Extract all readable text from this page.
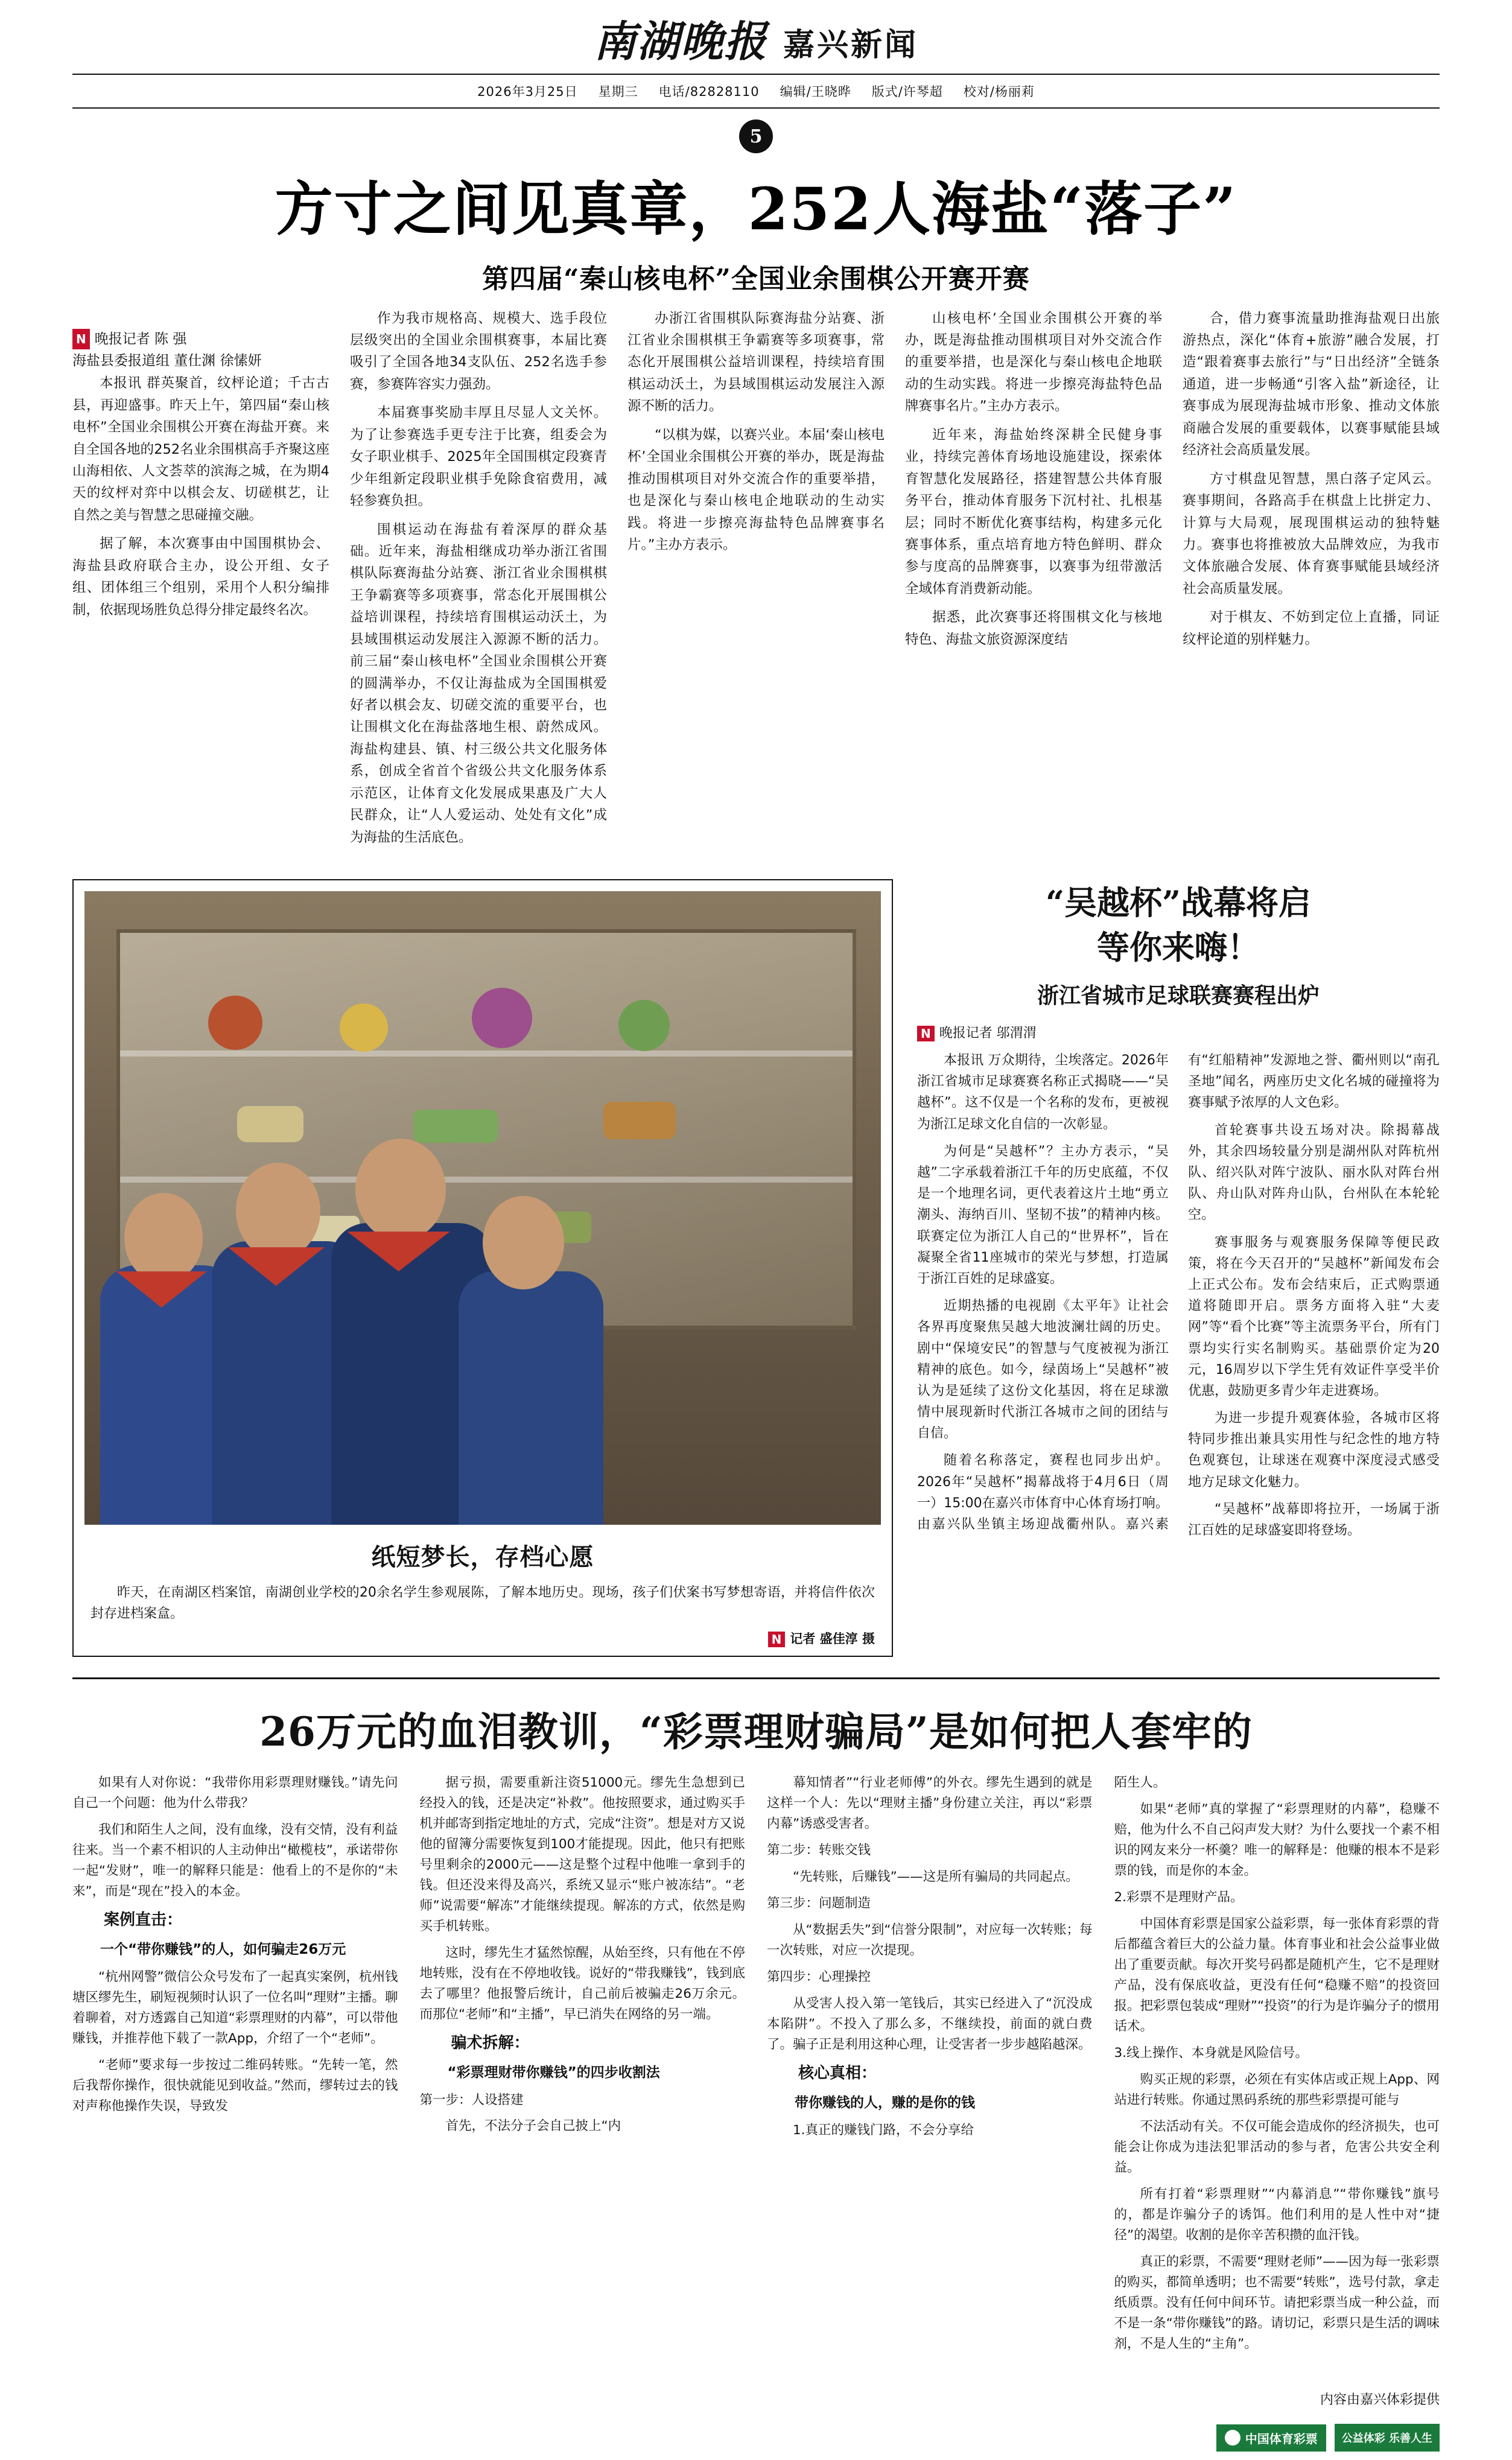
南湖晚报 嘉兴新闻
2026年3月25日 星期三 电话/82828110 编辑/王晓晔 版式/许琴超 校对/杨丽莉
5
方寸之间见真章，252人海盐“落子”
第四届“秦山核电杯”全国业余围棋公开赛开赛
N 晚报记者 陈 强
海盐县委报道组 董仕渊 徐愫妍

本报讯 群英聚首，纹枰论道；千古古县，再迎盛事。昨天上午，第四届“秦山核电杯”全国业余围棋公开赛在海盐开赛。来自全国各地的252名业余围棋高手齐聚这座山海相依、人文荟萃的滨海之城，在为期4天的纹枰对弈中以棋会友、切磋棋艺，让自然之美与智慧之思碰撞交融。

据了解，本次赛事由中国围棋协会、海盐县政府联合主办，设公开组、女子组、团体组三个组别，采用个人积分编排制，依据现场胜负总得分排定最终名次。

作为我市规格高、规模大、选手段位层级突出的全国业余围棋赛事，本届比赛吸引了全国各地34支队伍、252名选手参赛，参赛阵容实力强劲。

本届赛事奖励丰厚且尽显人文关怀。为了让参赛选手更专注于比赛，组委会为女子职业棋手、2025年全国围棋定段赛青少年组新定段职业棋手免除食宿费用，减轻参赛负担。

围棋运动在海盐有着深厚的群众基础。近年来，海盐相继成功举办浙江省围棋队际赛海盐分站赛、浙江省业余围棋棋王争霸赛等多项赛事，常态化开展围棋公益培训课程，持续培育围棋运动沃土，为县域围棋运动发展注入源源不断的活力。前三届“秦山核电杯”全国业余围棋公开赛的圆满举办，不仅让海盐成为全国围棋爱好者以棋会友、切磋交流的重要平台，也让围棋文化在海盐落地生根、蔚然成风。海盐构建县、镇、村三级公共文化服务体系，创成全省首个省级公共文化服务体系示范区，让体育文化发展成果惠及广大人民群众，让“人人爱运动、处处有文化”成为海盐的生活底色。

办浙江省围棋队际赛海盐分站赛、浙江省业余围棋棋王争霸赛等多项赛事，常态化开展围棋公益培训课程，持续培育围棋运动沃土，为县域围棋运动发展注入源源不断的活力。

“以棋为媒，以赛兴业。本届‘秦山核电杯’全国业余围棋公开赛的举办，既是海盐推动围棋项目对外交流合作的重要举措，也是深化与秦山核电企地联动的生动实践。将进一步擦亮海盐特色品牌赛事名片。”主办方表示。

山核电杯’全国业余围棋公开赛的举办，既是海盐推动围棋项目对外交流合作的重要举措，也是深化与秦山核电企地联动的生动实践。将进一步擦亮海盐特色品牌赛事名片。”主办方表示。

近年来，海盐始终深耕全民健身事业，持续完善体育场地设施建设，探索体育智慧化发展路径，搭建智慧公共体育服务平台，推动体育服务下沉村社、扎根基层；同时不断优化赛事结构，构建多元化赛事体系，重点培育地方特色鲜明、群众参与度高的品牌赛事，以赛事为纽带激活全域体育消费新动能。

据悉，此次赛事还将围棋文化与核地特色、海盐文旅资源深度结

合，借力赛事流量助推海盐观日出旅游热点，深化“体育+旅游”融合发展，打造“跟着赛事去旅行”与“日出经济”全链条通道，进一步畅通“引客入盐”新途径，让赛事成为展现海盐城市形象、推动文体旅商融合发展的重要载体，以赛事赋能县域经济社会高质量发展。

方寸棋盘见智慧，黑白落子定风云。赛事期间，各路高手在棋盘上比拼定力、计算与大局观，展现围棋运动的独特魅力。赛事也将推被放大品牌效应，为我市文体旅融合发展、体育赛事赋能县域经济社会高质量发展。

对于棋友、不妨到定位上直播，同证纹枰论道的别样魅力。

纸短梦长，存档心愿
昨天，在南湖区档案馆，南湖创业学校的20余名学生参观展陈，了解本地历史。现场，孩子们伏案书写梦想寄语，并将信件依次封存进档案盒。
N 记者 盛佳淳 摄
“吴越杯”战幕将启
等你来嗨！
浙江省城市足球联赛赛程出炉
N 晚报记者 邬渭渭

本报讯 万众期待，尘埃落定。2026年浙江省城市足球赛赛名称正式揭晓——“吴越杯”。这不仅是一个名称的发布，更被视为浙江足球文化自信的一次彰显。

为何是“吴越杯”？主办方表示，“吴越”二字承载着浙江千年的历史底蕴，不仅是一个地理名词，更代表着这片土地“勇立潮头、海纳百川、坚韧不拔”的精神内核。联赛定位为浙江人自己的“世界杯”，旨在凝聚全省11座城市的荣光与梦想，打造属于浙江百姓的足球盛宴。

近期热播的电视剧《太平年》让社会各界再度聚焦吴越大地波澜壮阔的历史。剧中“保境安民”的智慧与气度被视为浙江精神的底色。如今，绿茵场上“吴越杯”被认为是延续了这份文化基因，将在足球激情中展现新时代浙江各城市之间的团结与自信。

随着名称落定，赛程也同步出炉。2026年“吴越杯”揭幕战将于4月6日（周一）15:00在嘉兴市体育中心体育场打响。由嘉兴队坐镇主场迎战衢州队。嘉兴素有“红船精神”发源地之誉、衢州则以“南孔圣地”闻名，两座历史文化名城的碰撞将为赛事赋予浓厚的人文色彩。

首轮赛事共设五场对决。除揭幕战外，其余四场较量分别是湖州队对阵杭州队、绍兴队对阵宁波队、丽水队对阵台州队、舟山队对阵舟山队，台州队在本轮轮空。

赛事服务与观赛服务保障等便民政策，将在今天召开的“吴越杯”新闻发布会上正式公布。发布会结束后，正式购票通道将随即开启。票务方面将入驻“大麦网”等“看个比赛”等主流票务平台，所有门票均实行实名制购买。基础票价定为20元，16周岁以下学生凭有效证件享受半价优惠，鼓励更多青少年走进赛场。

为进一步提升观赛体验，各城市区将特同步推出兼具实用性与纪念性的地方特色观赛包，让球迷在观赛中深度浸式感受地方足球文化魅力。

“吴越杯”战幕即将拉开，一场属于浙江百姓的足球盛宴即将登场。

26万元的血泪教训，“彩票理财骗局”是如何把人套牢的

如果有人对你说：“我带你用彩票理财赚钱。”请先问自己一个问题：他为什么带我？

我们和陌生人之间，没有血缘，没有交情，没有利益往来。当一个素不相识的人主动伸出“橄榄枝”，承诺带你一起“发财”，唯一的解释只能是：他看上的不是你的“未来”，而是“现在”投入的本金。

案例直击：

一个“带你赚钱”的人，如何骗走26万元

“杭州网警”微信公众号发布了一起真实案例，杭州钱塘区缪先生，刷短视频时认识了一位名叫“理财”主播。聊着聊着，对方透露自己知道“彩票理财的内幕”，可以带他赚钱，并推荐他下载了一款App，介绍了一个“老师”。

“老师”要求每一步按过二维码转账。“先转一笔，然后我帮你操作，很快就能见到收益。”然而，缪转过去的钱对声称他操作失误，导致发

据亏损，需要重新注资51000元。缪先生急想到已经投入的钱，还是决定“补救”。他按照要求，通过购买手机并邮寄到指定地址的方式，完成“注资”。想是对方又说他的留簿分需要恢复到100才能提现。因此，他只有把账号里剩余的2000元——这是整个过程中他唯一拿到手的钱。但还没来得及高兴，系统又显示“账户被冻结”。“老师”说需要“解冻”才能继续提现。解冻的方式，依然是购买手机转账。

这时，缪先生才猛然惊醒，从始至终，只有他在不停地转账，没有在不停地收钱。说好的“带我赚钱”，钱到底去了哪里？他报警后统计，自己前后被骗走26万余元。而那位“老师”和“主播”，早已消失在网络的另一端。

骗术拆解：

“彩票理财带你赚钱”的四步收割法

第一步：人设搭建

首先，不法分子会自己披上“内

幕知情者”“行业老师傅”的外衣。缪先生遇到的就是这样一个人：先以“理财主播”身份建立关注，再以“彩票内幕”诱惑受害者。

第二步：转账交钱

“先转账，后赚钱”——这是所有骗局的共同起点。

第三步：问题制造

从“数据丢失”到“信誉分限制”，对应每一次转账；每一次转账，对应一次提现。

第四步：心理操控

从受害人投入第一笔钱后，其实已经进入了“沉没成本陷阱”。不投入了那么多，不继续投，前面的就白费了。骗子正是利用这种心理，让受害者一步步越陷越深。

核心真相：

带你赚钱的人，赚的是你的钱

1.真正的赚钱门路，不会分享给

陌生人。

如果“老师”真的掌握了“彩票理财的内幕”，稳赚不赔，他为什么不自己闷声发大财？为什么要找一个素不相识的网友来分一杯羹？唯一的解释是：他赚的根本不是彩票的钱，而是你的本金。

2.彩票不是理财产品。

中国体育彩票是国家公益彩票，每一张体育彩票的背后都蕴含着巨大的公益力量。体育事业和社会公益事业做出了重要贡献。每次开奖号码都是随机产生，它不是理财产品，没有保底收益，更没有任何“稳赚不赔”的投资回报。把彩票包装成“理财”“投资”的行为是诈骗分子的惯用话术。

3.线上操作、本身就是风险信号。

购买正规的彩票，必须在有实体店或正规上App、网站进行转账。你通过黑码系统的那些彩票提可能与

不法活动有关。不仅可能会造成你的经济损失，也可能会让你成为违法犯罪活动的参与者，危害公共安全利益。

所有打着“彩票理财”“内幕消息”“带你赚钱”旗号的，都是诈骗分子的诱饵。他们利用的是人性中对“捷径”的渴望。收割的是你辛苦积攒的血汗钱。

真正的彩票，不需要“理财老师”——因为每一张彩票的购买，都简单透明；也不需要“转账”，选号付款，拿走纸质票。没有任何中间环节。请把彩票当成一种公益，而不是一条“带你赚钱”的路。请切记，彩票只是生活的调味剂，不是人生的“主角”。

内容由嘉兴体彩提供
中国体育彩票	公益体彩 乐善人生
